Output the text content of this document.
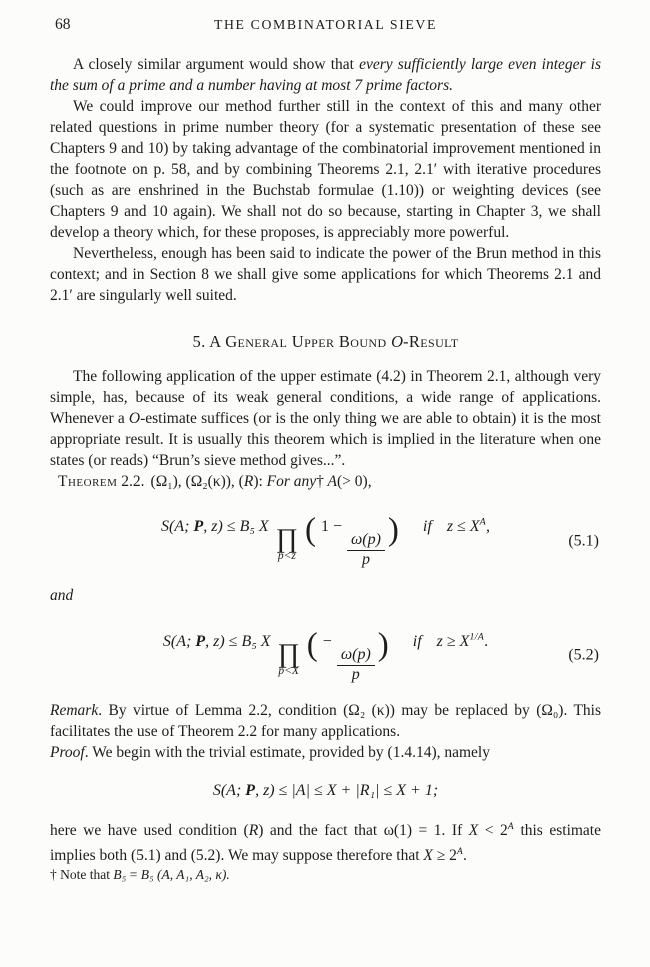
68	THE COMBINATORIAL SIEVE

A closely similar argument would show that every sufficiently large even integer is the sum of a prime and a number having at most 7 prime factors.

We could improve our method further still in the context of this and many other related questions in prime number theory (for a systematic presentation of these see Chapters 9 and 10) by taking advantage of the combinatorial improvement mentioned in the footnote on p. 58, and by combining Theorems 2.1, 2.1′ with iterative procedures (such as are enshrined in the Buchstab formulae (1.10)) or weighting devices (see Chapters 9 and 10 again). We shall not do so because, starting in Chapter 3, we shall develop a theory which, for these proposes, is appreciably more powerful.

Nevertheless, enough has been said to indicate the power of the Brun method in this context; and in Section 8 we shall give some applications for which Theorems 2.1 and 2.1′ are singularly well suited.

5. A General Upper Bound O-Result

The following application of the upper estimate (4.2) in Theorem 2.1, although very simple, has, because of its weak general conditions, a wide range of applications. Whenever a O-estimate suffices (or is the only thing we are able to obtain) it is the most appropriate result. It is usually this theorem which is implied in the literature when one states (or reads) “Brun’s sieve method gives...”.

Theorem 2.2. (Ω₁), (Ω₂(κ)), (R): For any† A(> 0),

S(A; P, z) ≤ B₅ X ∏
p<z
( 1 −
$\frac{\omega(p)}{p}$
) if $z \le X^A$,
(5.1)

and

S(A; P, z) ≤ B₅ X ∏
p<X
( −
$\frac{\omega(p)}{p}$
) if $z \ge X^{1/A}$.
(5.2)

Remark. By virtue of Lemma 2.2, condition (Ω₂ (κ)) may be replaced by (Ω₀). This facilitates the use of Theorem 2.2 for many applications.

Proof. We begin with the trivial estimate, provided by (1.4.14), namely

S(A; P, z) ≤ |A| ≤ X + |R₁| ≤ X + 1;

here we have used condition (R) and the fact that ω(1) = 1. If $X < 2^A$ this estimate implies both (5.1) and (5.2). We may suppose therefore that $X \ge 2^A$.

† Note that B₅ = B₅ (A, A₁, A₂, κ).
